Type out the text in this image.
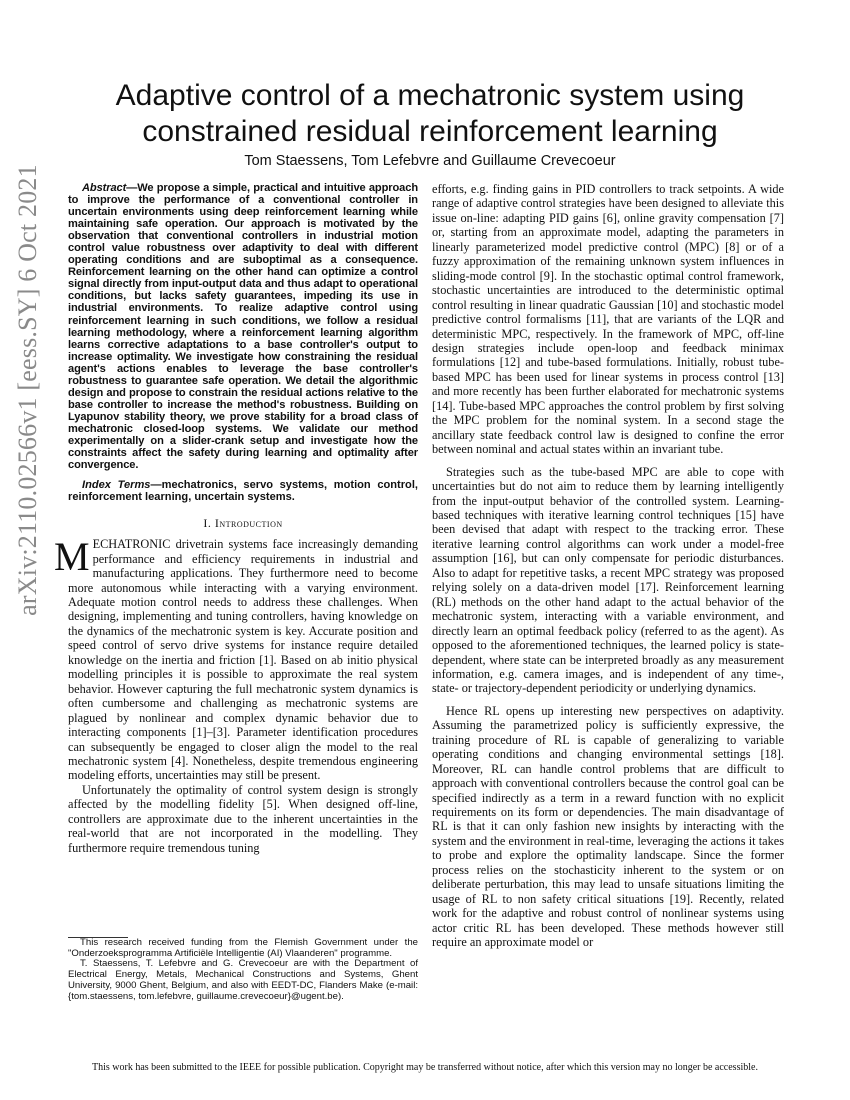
arXiv:2110.02566v1 [eess.SY] 6 Oct 2021
Adaptive control of a mechatronic system using constrained residual reinforcement learning
Tom Staessens, Tom Lefebvre and Guillaume Crevecoeur

Abstract—We propose a simple, practical and intuitive approach to improve the performance of a conventional controller in uncertain environments using deep reinforcement learning while maintaining safe operation. Our approach is motivated by the observation that conventional controllers in industrial motion control value robustness over adaptivity to deal with different operating conditions and are suboptimal as a consequence. Reinforcement learning on the other hand can optimize a control signal directly from input-output data and thus adapt to operational conditions, but lacks safety guarantees, impeding its use in industrial environments. To realize adaptive control using reinforcement learning in such conditions, we follow a residual learning methodology, where a reinforcement learning algorithm learns corrective adaptations to a base controller's output to increase optimality. We investigate how constraining the residual agent's actions enables to leverage the base controller's robustness to guarantee safe operation. We detail the algorithmic design and propose to constrain the residual actions relative to the base controller to increase the method's robustness. Building on Lyapunov stability theory, we prove stability for a broad class of mechatronic closed-loop systems. We validate our method experimentally on a slider-crank setup and investigate how the constraints affect the safety during learning and optimality after convergence.

Index Terms—mechatronics, servo systems, motion control, reinforcement learning, uncertain systems.

I. Introduction

MECHATRONIC drivetrain systems face increasingly demanding performance and efficiency requirements in industrial and manufacturing applications. They furthermore need to become more autonomous while interacting with a varying environment. Adequate motion control needs to address these challenges. When designing, implementing and tuning controllers, having knowledge on the dynamics of the mechatronic system is key. Accurate position and speed control of servo drive systems for instance require detailed knowledge on the inertia and friction [1]. Based on ab initio physical modelling principles it is possible to approximate the real system behavior. However capturing the full mechatronic system dynamics is often cumbersome and challenging as mechatronic systems are plagued by nonlinear and complex dynamic behavior due to interacting components [1]–[3]. Parameter identification procedures can subsequently be engaged to closer align the model to the real mechatronic system [4]. Nonetheless, despite tremendous engineering modeling efforts, uncertainties may still be present.

Unfortunately the optimality of control system design is strongly affected by the modelling fidelity [5]. When designed off-line, controllers are approximate due to the inherent uncertainties in the real-world that are not incorporated in the modelling. They furthermore require tremendous tuning

This research received funding from the Flemish Government under the "Onderzoeksprogramma Artificiële Intelligentie (AI) Vlaanderen" programme.

T. Staessens, T. Lefebvre and G. Crevecoeur are with the Department of Electrical Energy, Metals, Mechanical Constructions and Systems, Ghent University, 9000 Ghent, Belgium, and also with EEDT-DC, Flanders Make (e-mail: {tom.staessens, tom.lefebvre, guillaume.crevecoeur}@ugent.be).

efforts, e.g. finding gains in PID controllers to track setpoints. A wide range of adaptive control strategies have been designed to alleviate this issue on-line: adapting PID gains [6], online gravity compensation [7] or, starting from an approximate model, adapting the parameters in linearly parameterized model predictive control (MPC) [8] or of a fuzzy approximation of the remaining unknown system influences in sliding-mode control [9]. In the stochastic optimal control framework, stochastic uncertainties are introduced to the deterministic optimal control resulting in linear quadratic Gaussian [10] and stochastic model predictive control formalisms [11], that are variants of the LQR and deterministic MPC, respectively. In the framework of MPC, off-line design strategies include open-loop and feedback minimax formulations [12] and tube-based formulations. Initially, robust tube-based MPC has been used for linear systems in process control [13] and more recently has been further elaborated for mechatronic systems [14]. Tube-based MPC approaches the control problem by first solving the MPC problem for the nominal system. In a second stage the ancillary state feedback control law is designed to confine the error between nominal and actual states within an invariant tube.

Strategies such as the tube-based MPC are able to cope with uncertainties but do not aim to reduce them by learning intelligently from the input-output behavior of the controlled system. Learning-based techniques with iterative learning control techniques [15] have been devised that adapt with respect to the tracking error. These iterative learning control algorithms can work under a model-free assumption [16], but can only compensate for periodic disturbances. Also to adapt for repetitive tasks, a recent MPC strategy was proposed relying solely on a data-driven model [17]. Reinforcement learning (RL) methods on the other hand adapt to the actual behavior of the mechatronic system, interacting with a variable environment, and directly learn an optimal feedback policy (referred to as the agent). As opposed to the aforementioned techniques, the learned policy is state-dependent, where state can be interpreted broadly as any measurement information, e.g. camera images, and is independent of any time-, state- or trajectory-dependent periodicity or underlying dynamics.

Hence RL opens up interesting new perspectives on adaptivity. Assuming the parametrized policy is sufficiently expressive, the training procedure of RL is capable of generalizing to variable operating conditions and changing environmental settings [18]. Moreover, RL can handle control problems that are difficult to approach with conventional controllers because the control goal can be specified indirectly as a term in a reward function with no explicit requirements on its form or dependencies. The main disadvantage of RL is that it can only fashion new insights by interacting with the system and the environment in real-time, leveraging the actions it takes to probe and explore the optimality landscape. Since the former process relies on the stochasticity inherent to the system or on deliberate perturbation, this may lead to unsafe situations limiting the usage of RL to non safety critical situations [19]. Recently, related work for the adaptive and robust control of nonlinear systems using actor critic RL has been developed. These methods however still require an approximate model or

This work has been submitted to the IEEE for possible publication. Copyright may be transferred without notice, after which this version may no longer be accessible.
